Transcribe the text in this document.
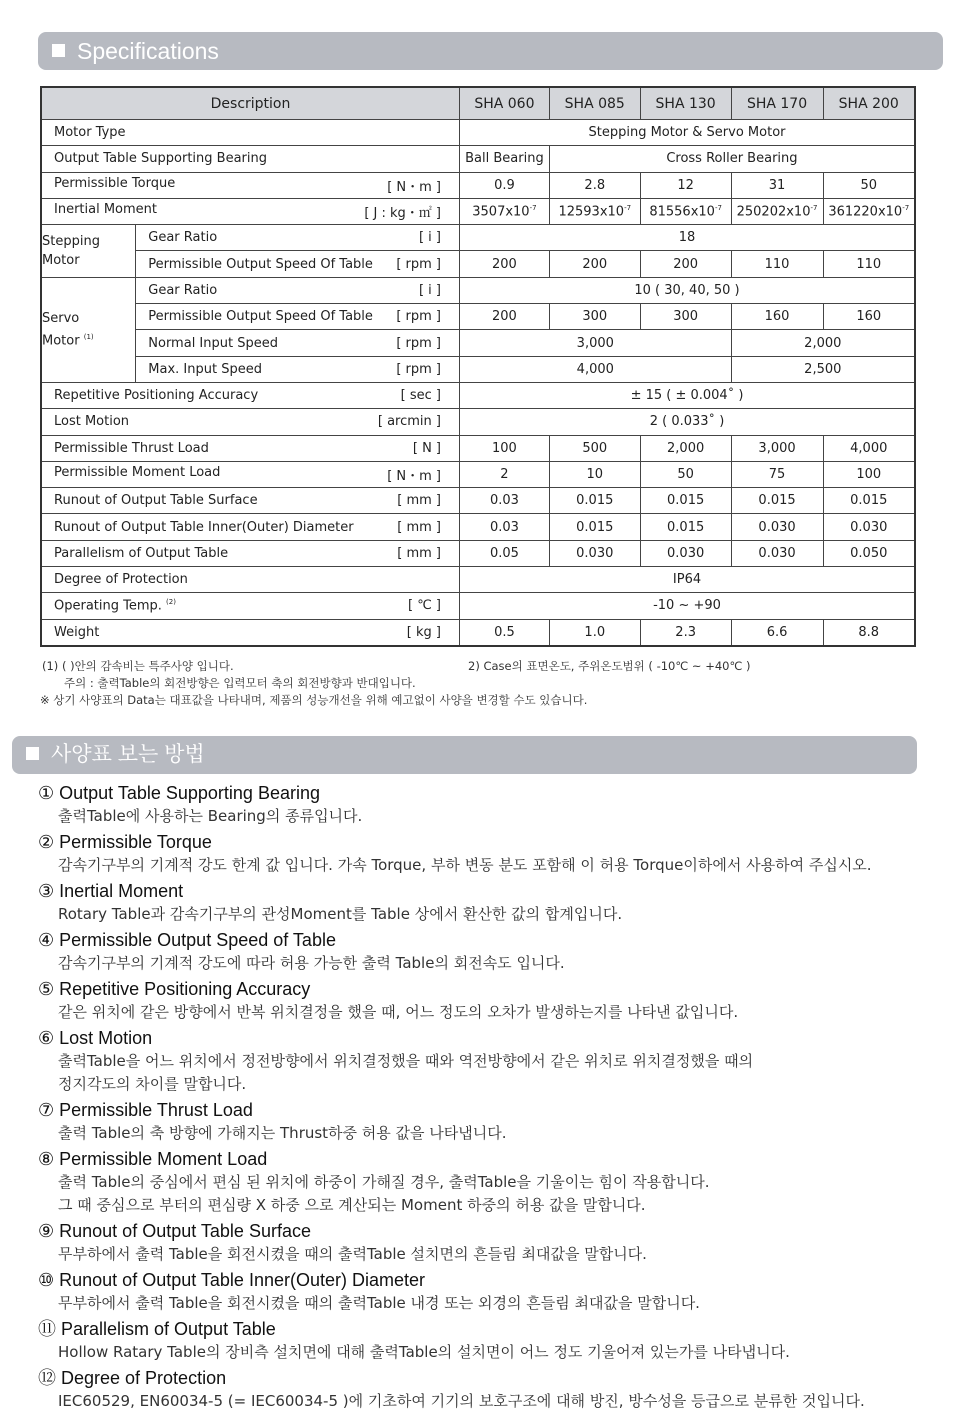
Specifications
Description		SHA 060	SHA 085	SHA 130	SHA 170	SHA 200

Motor Type		Stepping Motor & Servo Motor				

Output Table Supporting Bearing		Ball Bearing	Cross Roller Bearing			

Permissible Torque [ N・m ]		0.9	2.8	12	31	50

Inertial Moment [ J : kg・㎡ ]		$3507x10^{-7}$	$12593x10^{-7}$	$81556x10^{-7}$	$250202x10^{-7}$	$361220x10^{-7}$
Stepping
Motor	Gear Ratio [ i ]	18				

	Permissible Output Speed Of Table [ rpm ]	200	200	200	110	110
Servo
Motor $^{(1)}$	Gear Ratio [ i ]	10 ( 30, 40, 50 )				

	Permissible Output Speed Of Table [ rpm ]	200	300	300	160	160

	Normal Input Speed [ rpm ]	3,000			2,000	

	Max. Input Speed [ rpm ]	4,000			2,500	

Repetitive Positioning Accuracy [ sec ]		± 15 ( ± 0.004˚ )				

Lost Motion [ arcmin ]		2 ( 0.033˚ )				

Permissible Thrust Load [ N ]		100	500	2,000	3,000	4,000

Permissible Moment Load [ N・m ]		2	10	50	75	100

Runout of Output Table Surface [ mm ]		0.03	0.015	0.015	0.015	0.015

Runout of Output Table Inner(Outer) Diameter [ mm ]		0.03	0.015	0.015	0.030	0.030

Parallelism of Output Table [ mm ]		0.05	0.030	0.030	0.030	0.050

Degree of Protection		IP64				

Operating Temp. $^{(2)}$ [ ℃ ]		-10 ~ +90				

Weight [ kg ]		0.5	1.0	2.3	6.6	8.8
(1) ( )안의 감속비는 특주사양 입니다.	2) Case의 표면온도, 주위온도범위 ( -10℃ ~ +40℃ )
주의 : 출력Table의 회전방향은 입력모터 축의 회전방향과 반대입니다.
※ 상기 사양표의 Data는 대표값을 나타내며, 제품의 성능개선을 위해 예고없이 사양을 변경할 수도 있습니다.
사양표 보는 방법
① Output Table Supporting Bearing
출력Table에 사용하는 Bearing의 종류입니다.
② Permissible Torque
감속기구부의 기계적 강도 한계 값 입니다. 가속 Torque, 부하 변동 분도 포함해 이 허용 Torque이하에서 사용하여 주십시오.
③ Inertial Moment
Rotary Table과 감속기구부의 관성Moment를 Table 상에서 환산한 값의 합계입니다.
④ Permissible Output Speed of Table
감속기구부의 기계적 강도에 따라 허용 가능한 출력 Table의 회전속도 입니다.
⑤ Repetitive Positioning Accuracy
같은 위치에 같은 방향에서 반복 위치결정을 했을 때, 어느 정도의 오차가 발생하는지를 나타낸 값입니다.
⑥ Lost Motion
출력Table을 어느 위치에서 정전방향에서 위치결정했을 때와 역전방향에서 같은 위치로 위치결정했을 때의
정지각도의 차이를 말합니다.
⑦ Permissible Thrust Load
출력 Table의 축 방향에 가해지는 Thrust하중 허용 값을 나타냅니다.
⑧ Permissible Moment Load
출력 Table의 중심에서 편심 된 위치에 하중이 가해질 경우, 출력Table을 기울이는 힘이 작용합니다.
그 때 중심으로 부터의 편심량 X 하중 으로 계산되는 Moment 하중의 허용 값을 말합니다.
⑨ Runout of Output Table Surface
무부하에서 출력 Table을 회전시켰을 때의 출력Table 설치면의 흔들림 최대값을 말합니다.
⑩ Runout of Output Table Inner(Outer) Diameter
무부하에서 출력 Table을 회전시켰을 때의 출력Table 내경 또는 외경의 흔들림 최대값을 말합니다.
⑪ Parallelism of Output Table
Hollow Ratary Table의 장비측 설치면에 대해 출력Table의 설치면이 어느 정도 기울어져 있는가를 나타냅니다.
⑫ Degree of Protection
IEC60529, EN60034-5 (= IEC60034-5 )에 기초하여 기기의 보호구조에 대해 방진, 방수성을 등급으로 분류한 것입니다.
